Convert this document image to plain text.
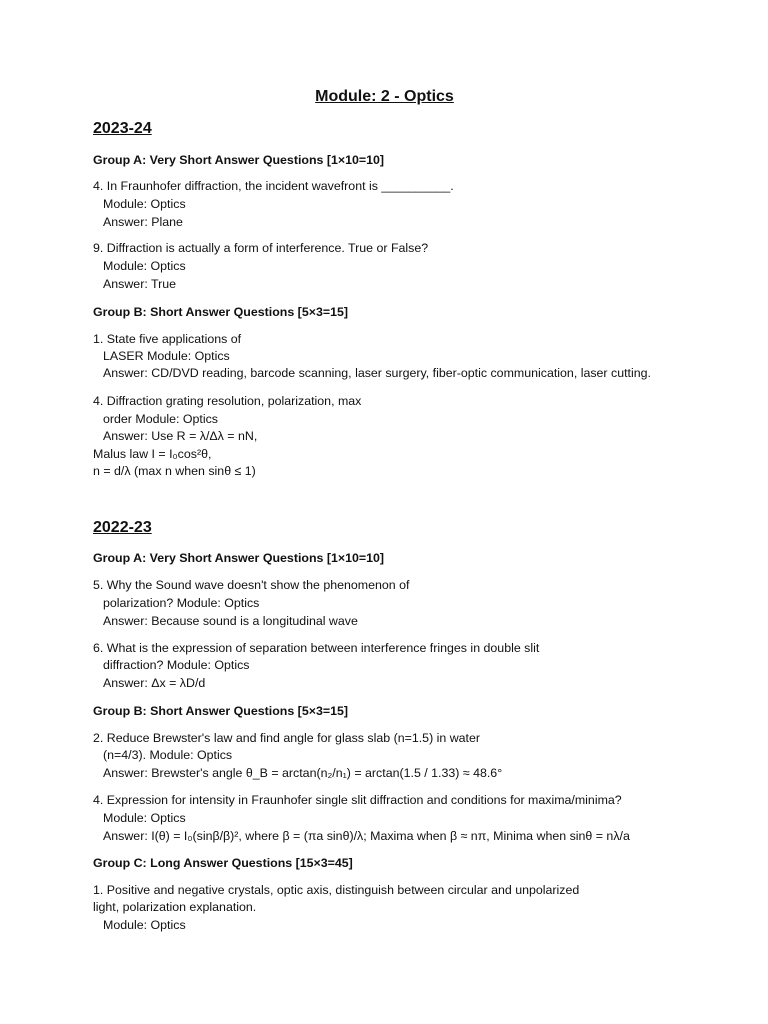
Module: 2 - Optics
2023-24

Group A: Very Short Answer Questions [1×10=10]

4. In Fraunhofer diffraction, the incident wavefront is __________.

Module: Optics

Answer: Plane

9. Diffraction is actually a form of interference. True or False?

Module: Optics

Answer: True

Group B: Short Answer Questions [5×3=15]

1. State five applications of

LASER Module: Optics

Answer: CD/DVD reading, barcode scanning, laser surgery, fiber-optic communication, laser cutting.

4. Diffraction grating resolution, polarization, max

order Module: Optics

Answer: Use R = λ/Δλ = nN,

Malus law I = I₀cos²θ,

n = d/λ (max n when sinθ ≤ 1)

2022-23

Group A: Very Short Answer Questions [1×10=10]

5. Why the Sound wave doesn't show the phenomenon of

polarization? Module: Optics

Answer: Because sound is a longitudinal wave

6. What is the expression of separation between interference fringes in double slit

diffraction? Module: Optics

Answer: Δx = λD/d

Group B: Short Answer Questions [5×3=15]

2. Reduce Brewster's law and find angle for glass slab (n=1.5) in water

(n=4/3). Module: Optics

Answer: Brewster's angle θ_B = arctan(n₂/n₁) = arctan(1.5 / 1.33) ≈ 48.6°

4. Expression for intensity in Fraunhofer single slit diffraction and conditions for maxima/minima?

Module: Optics

Answer: I(θ) = I₀(sinβ/β)², where β = (πa sinθ)/λ; Maxima when β ≈ nπ, Minima when sinθ = nλ/a

Group C: Long Answer Questions [15×3=45]

1. Positive and negative crystals, optic axis, distinguish between circular and unpolarized

light, polarization explanation.

Module: Optics
